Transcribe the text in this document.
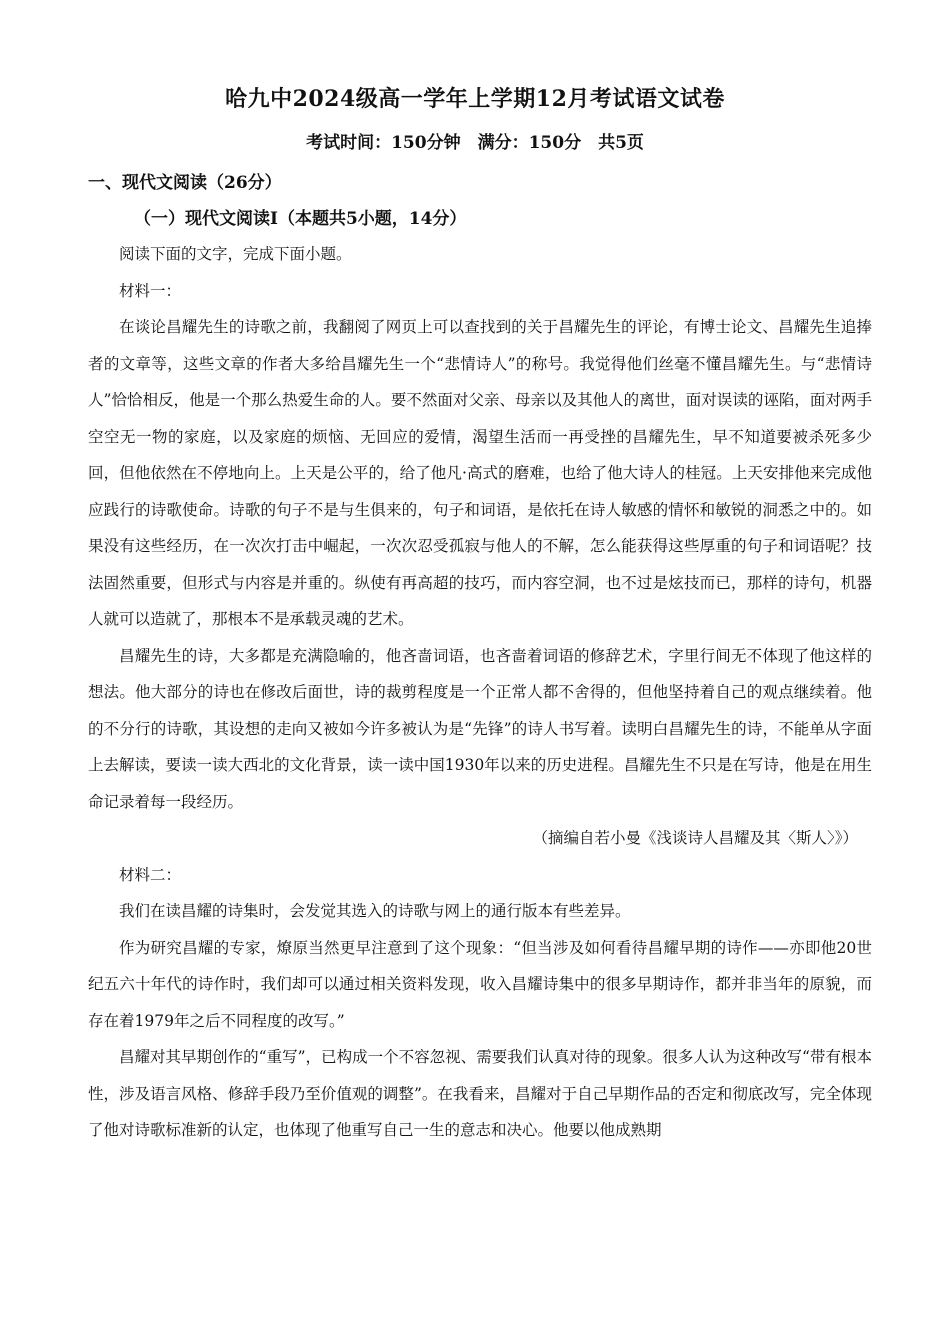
哈九中2024级高一学年上学期12月考试语文试卷
考试时间：150分钟　满分：150分　共5页
一、现代文阅读（26分）
（一）现代文阅读Ⅰ（本题共5小题，14分）

阅读下面的文字，完成下面小题。

材料一：

在谈论昌耀先生的诗歌之前，我翻阅了网页上可以查找到的关于昌耀先生的评论，有博士论文、昌耀先生追捧者的文章等，这些文章的作者大多给昌耀先生一个“悲情诗人”的称号。我觉得他们丝毫不懂昌耀先生。与“悲情诗人”恰恰相反，他是一个那么热爱生命的人。要不然面对父亲、母亲以及其他人的离世，面对误读的诬陷，面对两手空空无一物的家庭，以及家庭的烦恼、无回应的爱情，渴望生活而一再受挫的昌耀先生，早不知道要被杀死多少回，但他依然在不停地向上。上天是公平的，给了他凡·高式的磨难，也给了他大诗人的桂冠。上天安排他来完成他应践行的诗歌使命。诗歌的句子不是与生俱来的，句子和词语，是依托在诗人敏感的情怀和敏锐的洞悉之中的。如果没有这些经历，在一次次打击中崛起，一次次忍受孤寂与他人的不解，怎么能获得这些厚重的句子和词语呢？技法固然重要，但形式与内容是并重的。纵使有再高超的技巧，而内容空洞，也不过是炫技而已，那样的诗句，机器人就可以造就了，那根本不是承载灵魂的艺术。

昌耀先生的诗，大多都是充满隐喻的，他吝啬词语，也吝啬着词语的修辞艺术，字里行间无不体现了他这样的想法。他大部分的诗也在修改后面世，诗的裁剪程度是一个正常人都不舍得的，但他坚持着自己的观点继续着。他的不分行的诗歌，其设想的走向又被如今许多被认为是“先锋”的诗人书写着。读明白昌耀先生的诗，不能单从字面上去解读，要读一读大西北的文化背景，读一读中国1930年以来的历史进程。昌耀先生不只是在写诗，他是在用生命记录着每一段经历。

（摘编自若小曼《浅谈诗人昌耀及其〈斯人〉》）

材料二：

我们在读昌耀的诗集时，会发觉其选入的诗歌与网上的通行版本有些差异。

作为研究昌耀的专家，燎原当然更早注意到了这个现象：“但当涉及如何看待昌耀早期的诗作——亦即他20世纪五六十年代的诗作时，我们却可以通过相关资料发现，收入昌耀诗集中的很多早期诗作，都并非当年的原貌，而存在着1979年之后不同程度的改写。”

昌耀对其早期创作的“重写”，已构成一个不容忽视、需要我们认真对待的现象。很多人认为这种改写“带有根本性，涉及语言风格、修辞手段乃至价值观的调整”。在我看来，昌耀对于自己早期作品的否定和彻底改写，完全体现了他对诗歌标准新的认定，也体现了他重写自己一生的意志和决心。他要以他成熟期
